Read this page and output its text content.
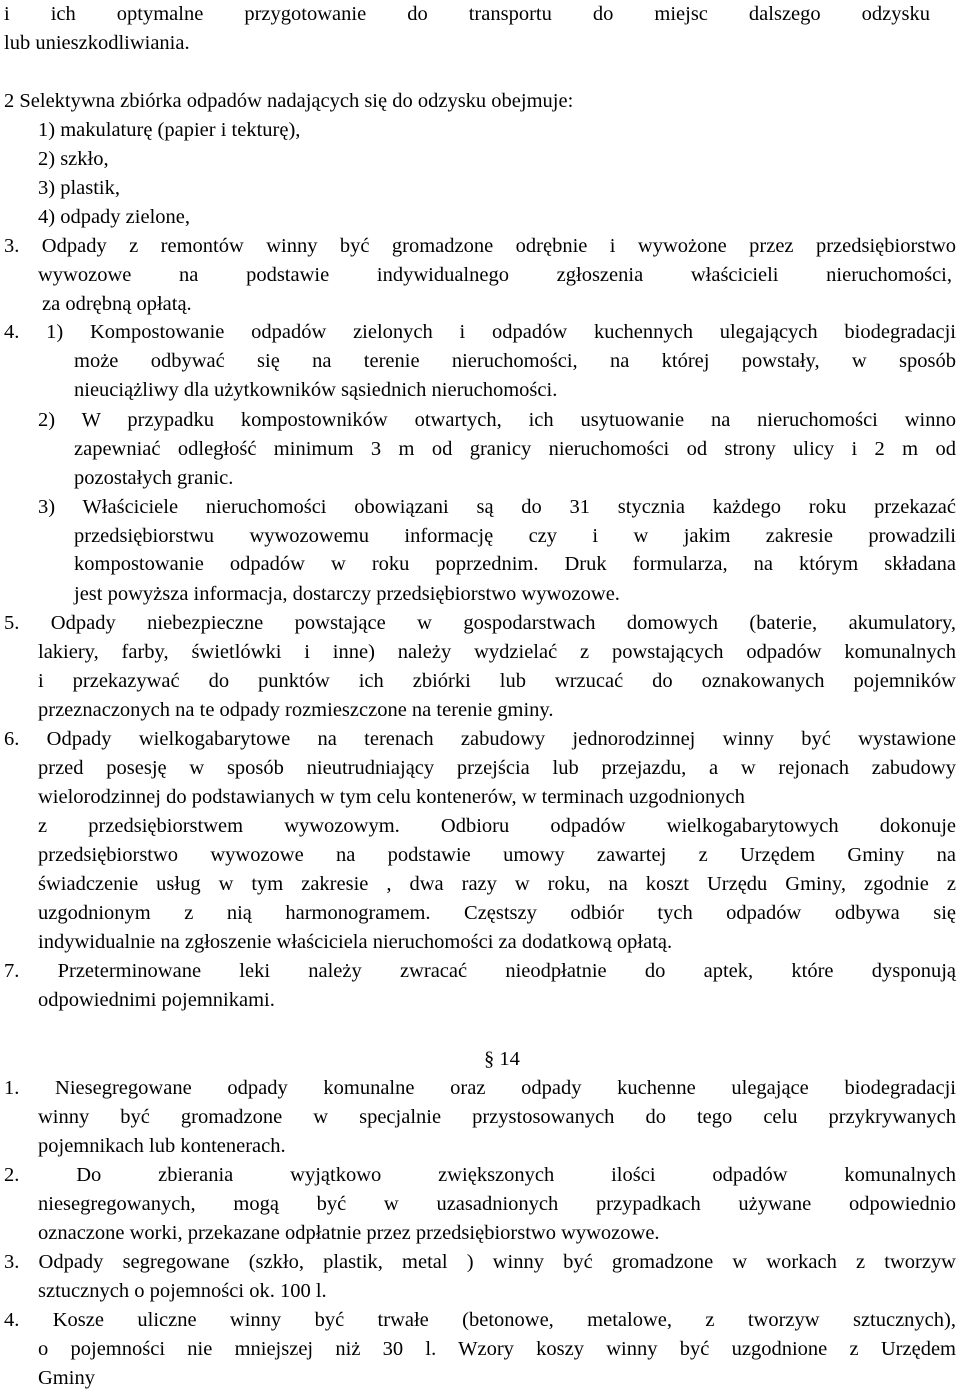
i ich optymalne przygotowanie do transportu do miejsc dalszego odzysku
lub unieszkodliwiania.
2 Selektywna zbiórka odpadów nadających się do odzysku obejmuje:
1) makulaturę (papier i tekturę),
2) szkło,
3) plastik,
4) odpady zielone,
3. Odpady z remontów winny być gromadzone odrębnie i wywożone przez przedsiębiorstwo
wywozowe na podstawie indywidualnego zgłoszenia właścicieli nieruchomości,
za odrębną opłatą.
4. 1) Kompostowanie odpadów zielonych i odpadów kuchennych ulegających biodegradacji
może odbywać się na terenie nieruchomości, na której powstały, w sposób
nieuciążliwy dla użytkowników sąsiednich nieruchomości.
2) W przypadku kompostowników otwartych, ich usytuowanie na nieruchomości winno
zapewniać odległość minimum 3 m od granicy nieruchomości od strony ulicy i 2 m od
pozostałych granic.
3) Właściciele nieruchomości obowiązani są do 31 stycznia każdego roku przekazać
przedsiębiorstwu wywozowemu informację czy i w jakim zakresie prowadzili
kompostowanie odpadów w roku poprzednim. Druk formularza, na którym składana
jest powyższa informacja, dostarczy przedsiębiorstwo wywozowe.
5. Odpady niebezpieczne powstające w gospodarstwach domowych (baterie, akumulatory,
lakiery, farby, świetlówki i inne) należy wydzielać z powstających odpadów komunalnych
i przekazywać do punktów ich zbiórki lub wrzucać do oznakowanych pojemników
przeznaczonych na te odpady rozmieszczone na terenie gminy.
6. Odpady wielkogabarytowe na terenach zabudowy jednorodzinnej winny być wystawione
przed posesję w sposób nieutrudniający przejścia lub przejazdu, a w rejonach zabudowy
wielorodzinnej do podstawianych w tym celu kontenerów, w terminach uzgodnionych
z przedsiębiorstwem wywozowym. Odbioru odpadów wielkogabarytowych dokonuje
przedsiębiorstwo wywozowe na podstawie umowy zawartej z Urzędem Gminy na
świadczenie usług w tym zakresie , dwa razy w roku, na koszt Urzędu Gminy, zgodnie z
uzgodnionym z nią harmonogramem. Częstszy odbiór tych odpadów odbywa się
indywidualnie na zgłoszenie właściciela nieruchomości za dodatkową opłatą.
7. Przeterminowane leki należy zwracać nieodpłatnie do aptek, które dysponują
odpowiednimi pojemnikami.
§ 14
1. Niesegregowane odpady komunalne oraz odpady kuchenne ulegające biodegradacji
winny być gromadzone w specjalnie przystosowanych do tego celu przykrywanych
pojemnikach lub kontenerach.
2. Do zbierania wyjątkowo zwiększonych ilości odpadów komunalnych
niesegregowanych, mogą być w uzasadnionych przypadkach używane odpowiednio
oznaczone worki, przekazane odpłatnie przez przedsiębiorstwo wywozowe.
3. Odpady segregowane (szkło, plastik, metal ) winny być gromadzone w workach z tworzyw
sztucznych o pojemności ok. 100 l.
4. Kosze uliczne winny być trwałe (betonowe, metalowe, z tworzyw sztucznych),
o pojemności nie mniejszej niż 30 l. Wzory koszy winny być uzgodnione z Urzędem
Gminy
